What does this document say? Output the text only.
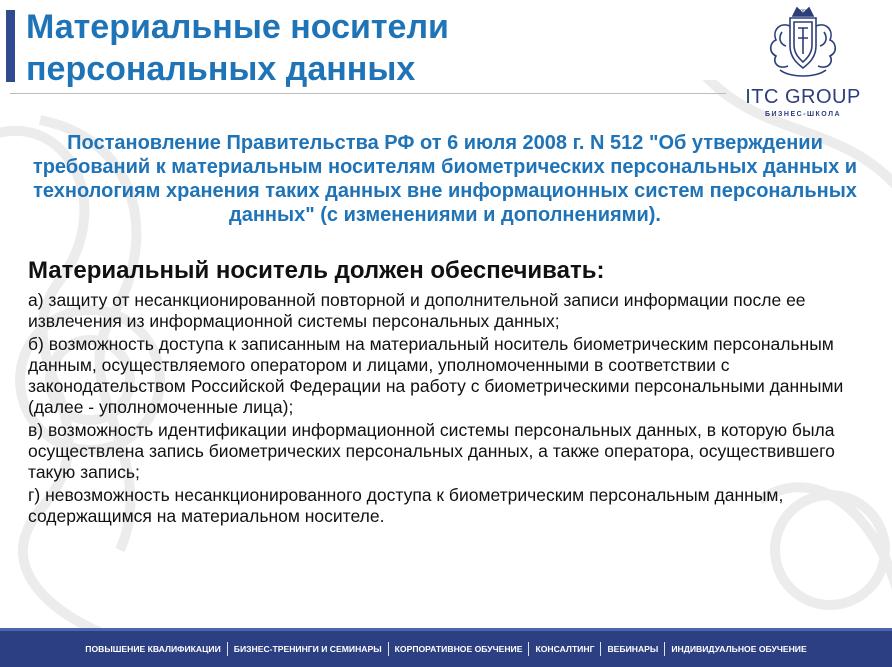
Материальные носители
персональных данных
2004
ITC GROUP
БИЗНЕС-ШКОЛА
Постановление Правительства РФ от 6 июля 2008 г. N 512 "Об утверждении требований к материальным носителям биометрических персональных данных и технологиям хранения таких данных вне информационных систем персональных данных" (с изменениями и дополнениями).
Материальный носитель должен обеспечивать:

а) защиту от несанкционированной повторной и дополнительной записи информации после ее извлечения из информационной системы персональных данных;

б) возможность доступа к записанным на материальный носитель биометрическим персональным данным, осуществляемого оператором и лицами, уполномоченными в соответствии с законодательством Российской Федерации на работу с биометрическими персональными данными (далее - уполномоченные лица);

в) возможность идентификации информационной системы персональных данных, в которую была осуществлена запись биометрических персональных данных, а также оператора, осуществившего такую запись;

г) невозможность несанкционированного доступа к биометрическим персональным данным, содержащимся на материальном носителе.

ПОВЫШЕНИЕ КВАЛИФИКАЦИИ	БИЗНЕС-ТРЕНИНГИ И СЕМИНАРЫ	КОРПОРАТИВНОЕ ОБУЧЕНИЕ	КОНСАЛТИНГ	ВЕБИНАРЫ	ИНДИВИДУАЛЬНОЕ ОБУЧЕНИЕ
